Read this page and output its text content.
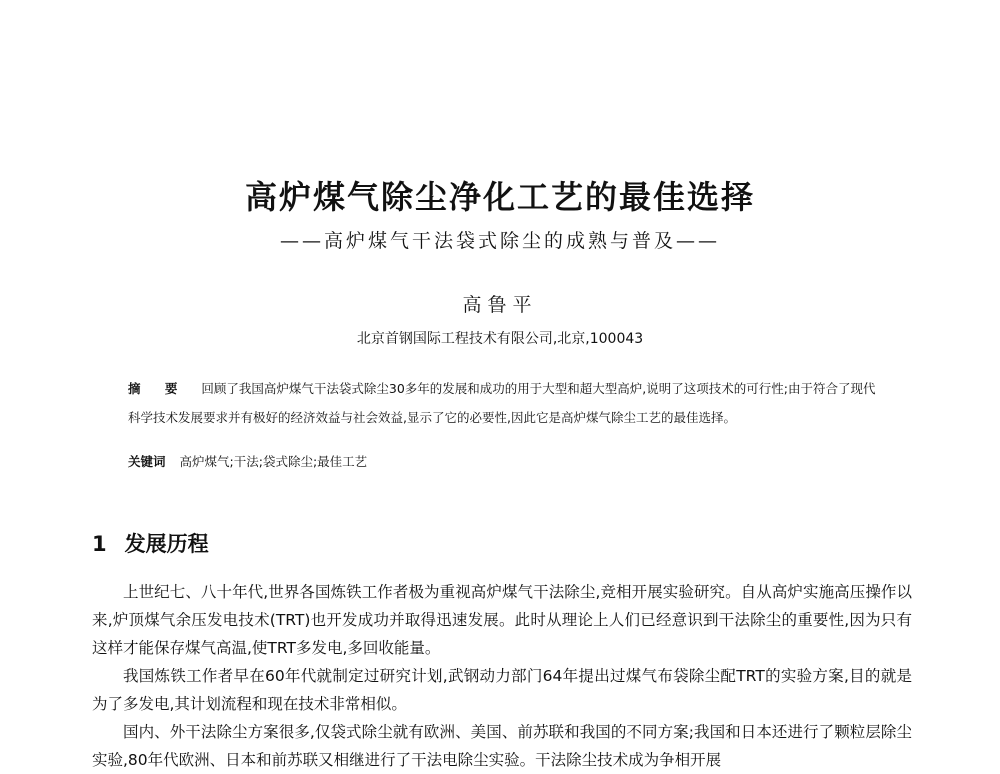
高炉煤气除尘净化工艺的最佳选择
——高炉煤气干法袋式除尘的成熟与普及——
高鲁平
北京首钢国际工程技术有限公司,北京,100043
摘 要 回顾了我国高炉煤气干法袋式除尘30多年的发展和成功的用于大型和超大型高炉,说明了这项技术的可行性;由于符合了现代科学技术发展要求并有极好的经济效益与社会效益,显示了它的必要性,因此它是高炉煤气除尘工艺的最佳选择。
关键词 高炉煤气;干法;袋式除尘;最佳工艺
1 发展历程

上世纪七、八十年代,世界各国炼铁工作者极为重视高炉煤气干法除尘,竞相开展实验研究。自从高炉实施高压操作以来,炉顶煤气余压发电技术(TRT)也开发成功并取得迅速发展。此时从理论上人们已经意识到干法除尘的重要性,因为只有这样才能保存煤气高温,使TRT多发电,多回收能量。

我国炼铁工作者早在60年代就制定过研究计划,武钢动力部门64年提出过煤气布袋除尘配TRT的实验方案,目的就是为了多发电,其计划流程和现在技术非常相似。

国内、外干法除尘方案很多,仅袋式除尘就有欧洲、美国、前苏联和我国的不同方案;我国和日本还进行了颗粒层除尘实验,80年代欧洲、日本和前苏联又相继进行了干法电除尘实验。干法除尘技术成为争相开展
